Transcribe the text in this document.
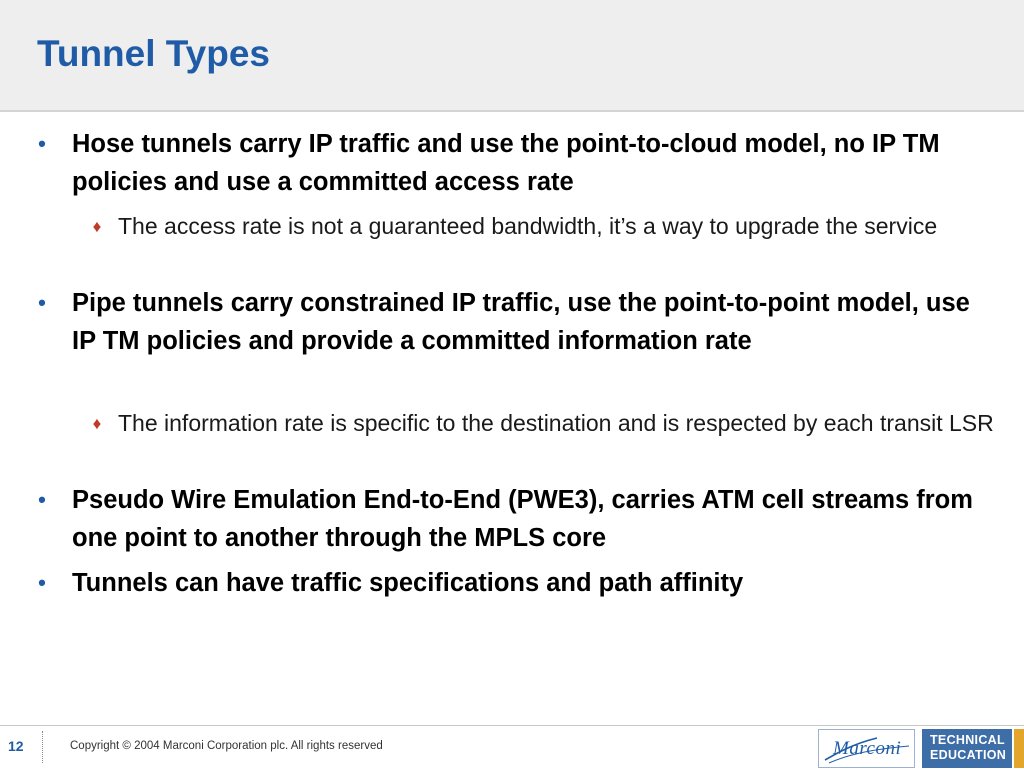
Tunnel Types
• Hose tunnels carry IP traffic and use the point-to-cloud model, no IP TM policies and use a committed access rate
♦ The access rate is not a guaranteed bandwidth, it’s a way to upgrade the service
• Pipe tunnels carry constrained IP traffic, use the point-to-point model, use IP TM policies and provide a committed information rate
♦ The information rate is specific to the destination and is respected by each transit LSR
• Pseudo Wire Emulation End-to-End (PWE3), carries ATM cell streams from one point to another through the MPLS core
• Tunnels can have traffic specifications and path affinity
12	Copyright © 2004 Marconi Corporation plc. All rights reserved	Marconi TECHNICAL
EDUCATION
